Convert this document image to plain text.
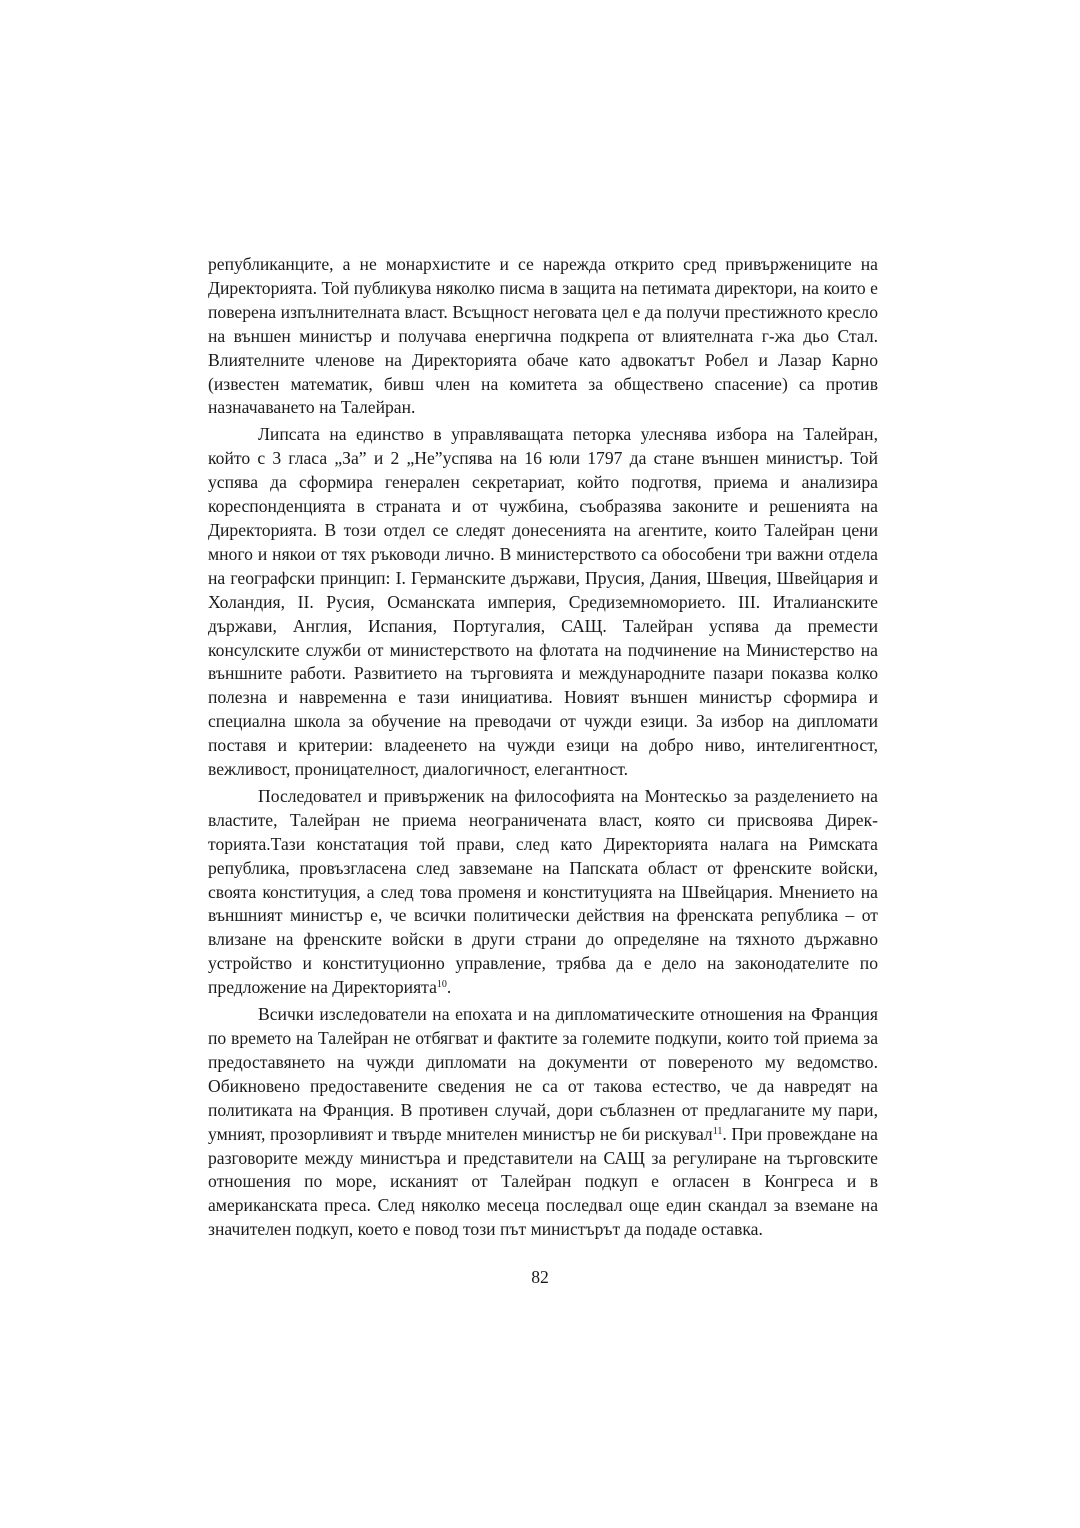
републиканците, а не монархистите и се нарежда открито сред привържениците на Директорията. Той публикува няколко писма в защита на петимата директори, на които е поверена изпълнителната власт. Всъщност неговата цел е да получи престижното кресло на външен министър и получава енергична подкрепа от влиятелната г-жа дьо Стал. Влиятелните членове на Директорията обаче като адвокатът Робел и Лазар Карно (известен математик, бивш член на комитета за обществено спасение) са против назначаването на Талейран.

Липсата на единство в управляващата петорка улеснява избора на Талейран, който с 3 гласа „За” и 2 „Не”успява на 16 юли 1797 да стане външен министър. Той успява да сформира генерален секретариат, който подготвя, приема и анализира кореспонденцията в страната и от чужбина, съобразява законите и решенията на Директорията. В този отдел се следят донесенията на агентите, които Талейран цени много и някои от тях ръководи лично. В министерството са обособени три важни отдела на географски принцип: І. Германските държави, Прусия, Дания, Швеция, Швейцария и Холандия, ІІ. Русия, Османската империя, Средиземноморието. ІІІ. Италианските държави, Англия, Испания, Португалия, САЩ. Талейран успява да премести консулските служби от министерството на флотата на подчинение на Министерство на външните работи. Развитието на търговията и международните пазари показва колко полезна и навременна е тази инициатива. Новият външен министър сформира и специална школа за обучение на преводачи от чужди езици. За избор на дипломати поставя и критерии: владеенето на чужди езици на добро ниво, интелигентност, вежливост, проницателност, диалогичност, елегантност.

Последовател и привърженик на философията на Монтескьо за разделението на властите, Талейран не приема неограничената власт, която си присвоява Директорията.Тази констатация той прави, след като Директорията налага на Римската република, провъзгласена след завземане на Папската област от френските войски, своята конституция, а след това променя и конституцията на Швейцария. Мнението на външният министър е, че всички политически действия на френската република – от влизане на френските войски в други страни до определяне на тяхното държавно устройство и конституционно управление, трябва да е дело на законодателите по предложение на Директорията$^{10}$.

Всички изследователи на епохата и на дипломатическите отношения на Франция по времето на Талейран не отбягват и фактите за големите подкупи, които той приема за предоставянето на чужди дипломати на документи от повереното му ведомство. Обикновено предоставените сведения не са от такова естество, че да навредят на политиката на Франция. В противен случай, дори съблазнен от предлаганите му пари, умният, прозорливият и твърде мнителен министър не би рискувал$^{11}$. При провеждане на разговорите между министъра и представители на САЩ за регулиране на търговските отношения по море, исканият от Талейран подкуп е огласен в Конгреса и в американската преса. След няколко месеца последвал още един скандал за вземане на значителен подкуп, което е повод този път министърът да подаде оставка.

82
